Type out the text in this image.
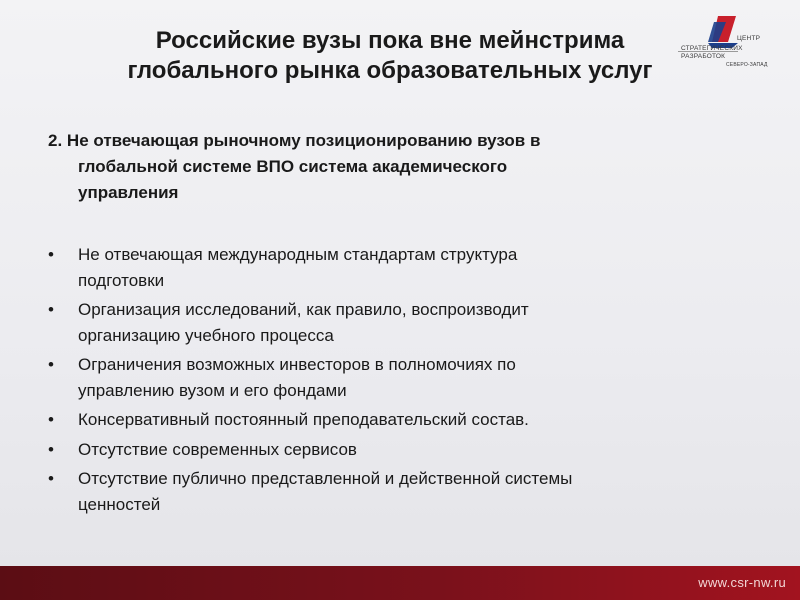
Российские вузы пока вне мейнстрима
глобального рынка образовательных услуг
ЦЕНТР
СТРАТЕГИЧЕСКИХ
РАЗРАБОТОК
СЕВЕРО-ЗАПАД
2. Не отвечающая рыночному позиционированию вузов в
глобальной системе ВПО система академического
управления
•	Не отвечающая международным стандартам структура
подготовки
•	Организация исследований, как правило, воспроизводит
организацию учебного процесса
•	Ограничения возможных инвесторов в полномочиях по
управлению вузом и его фондами
•	Консервативный постоянный преподавательский состав.
•	Отсутствие современных сервисов
•	Отсутствие публично представленной и действенной системы
ценностей
www.csr-nw.ru
